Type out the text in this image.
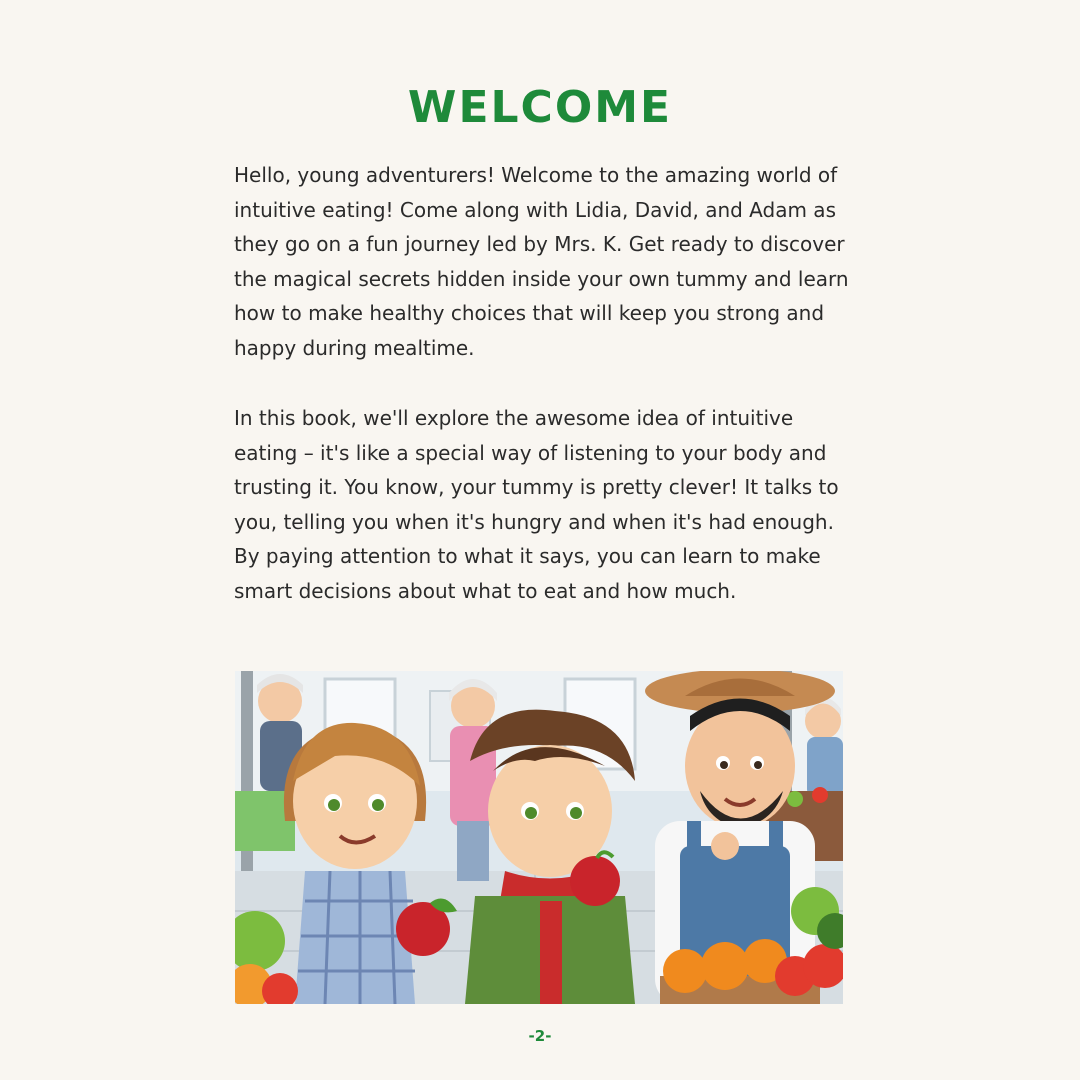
WELCOME

Hello, young adventurers! Welcome to the amazing world of intuitive eating! Come along with Lidia, David, and Adam as they go on a fun journey led by Mrs. K. Get ready to discover the magical secrets hidden inside your own tummy and learn how to make healthy choices that will keep you strong and happy during mealtime.

In this book, we'll explore the awesome idea of intuitive eating – it's like a special way of listening to your body and trusting it. You know, your tummy is pretty clever! It talks to you, telling you when it's hungry and when it's had enough. By paying attention to what it says, you can learn to make smart decisions about what to eat and how much.

-2-
